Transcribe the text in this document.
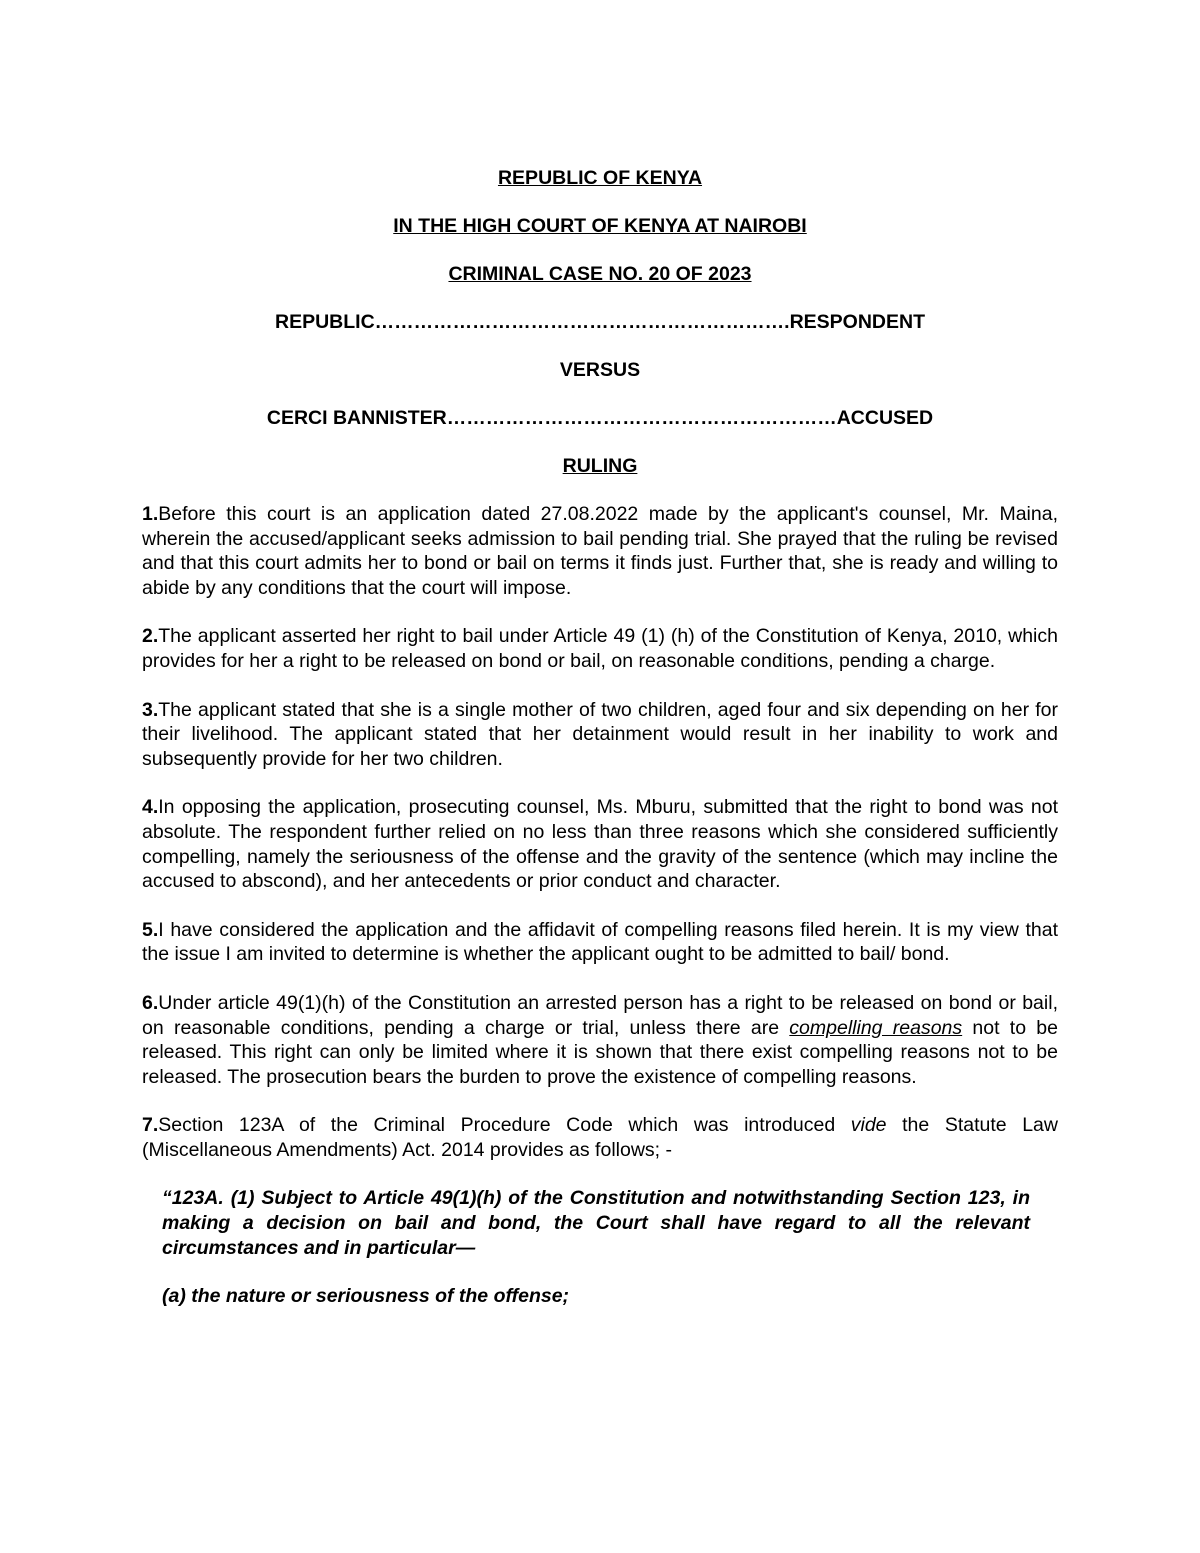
REPUBLIC OF KENYA
IN THE HIGH COURT OF KENYA AT NAIROBI
CRIMINAL CASE NO. 20 OF 2023
REPUBLIC……………………………………………………….RESPONDENT
VERSUS
CERCI BANNISTER……………………………………………………ACCUSED
RULING

1.Before this court is an application dated 27.08.2022 made by the applicant's counsel, Mr. Maina, wherein the accused/applicant seeks admission to bail pending trial. She prayed that the ruling be revised and that this court admits her to bond or bail on terms it finds just. Further that, she is ready and willing to abide by any conditions that the court will impose.

2.The applicant asserted her right to bail under Article 49 (1) (h) of the Constitution of Kenya, 2010, which provides for her a right to be released on bond or bail, on reasonable conditions, pending a charge.

3.The applicant stated that she is a single mother of two children, aged four and six depending on her for their livelihood. The applicant stated that her detainment would result in her inability to work and subsequently provide for her two children.

4.In opposing the application, prosecuting counsel, Ms. Mburu, submitted that the right to bond was not absolute. The respondent further relied on no less than three reasons which she considered sufficiently compelling, namely the seriousness of the offense and the gravity of the sentence (which may incline the accused to abscond), and her antecedents or prior conduct and character.

5.I have considered the application and the affidavit of compelling reasons filed herein. It is my view that the issue I am invited to determine is whether the applicant ought to be admitted to bail/ bond.

6.Under article 49(1)(h) of the Constitution an arrested person has a right to be released on bond or bail, on reasonable conditions, pending a charge or trial, unless there are compelling reasons not to be released. This right can only be limited where it is shown that there exist compelling reasons not to be released. The prosecution bears the burden to prove the existence of compelling reasons.

7.Section 123A of the Criminal Procedure Code which was introduced vide the Statute Law (Miscellaneous Amendments) Act. 2014 provides as follows; -

“123A. (1) Subject to Article 49(1)(h) of the Constitution and notwithstanding Section 123, in making a decision on bail and bond, the Court shall have regard to all the relevant circumstances and in particular—

(a) the nature or seriousness of the offense;
